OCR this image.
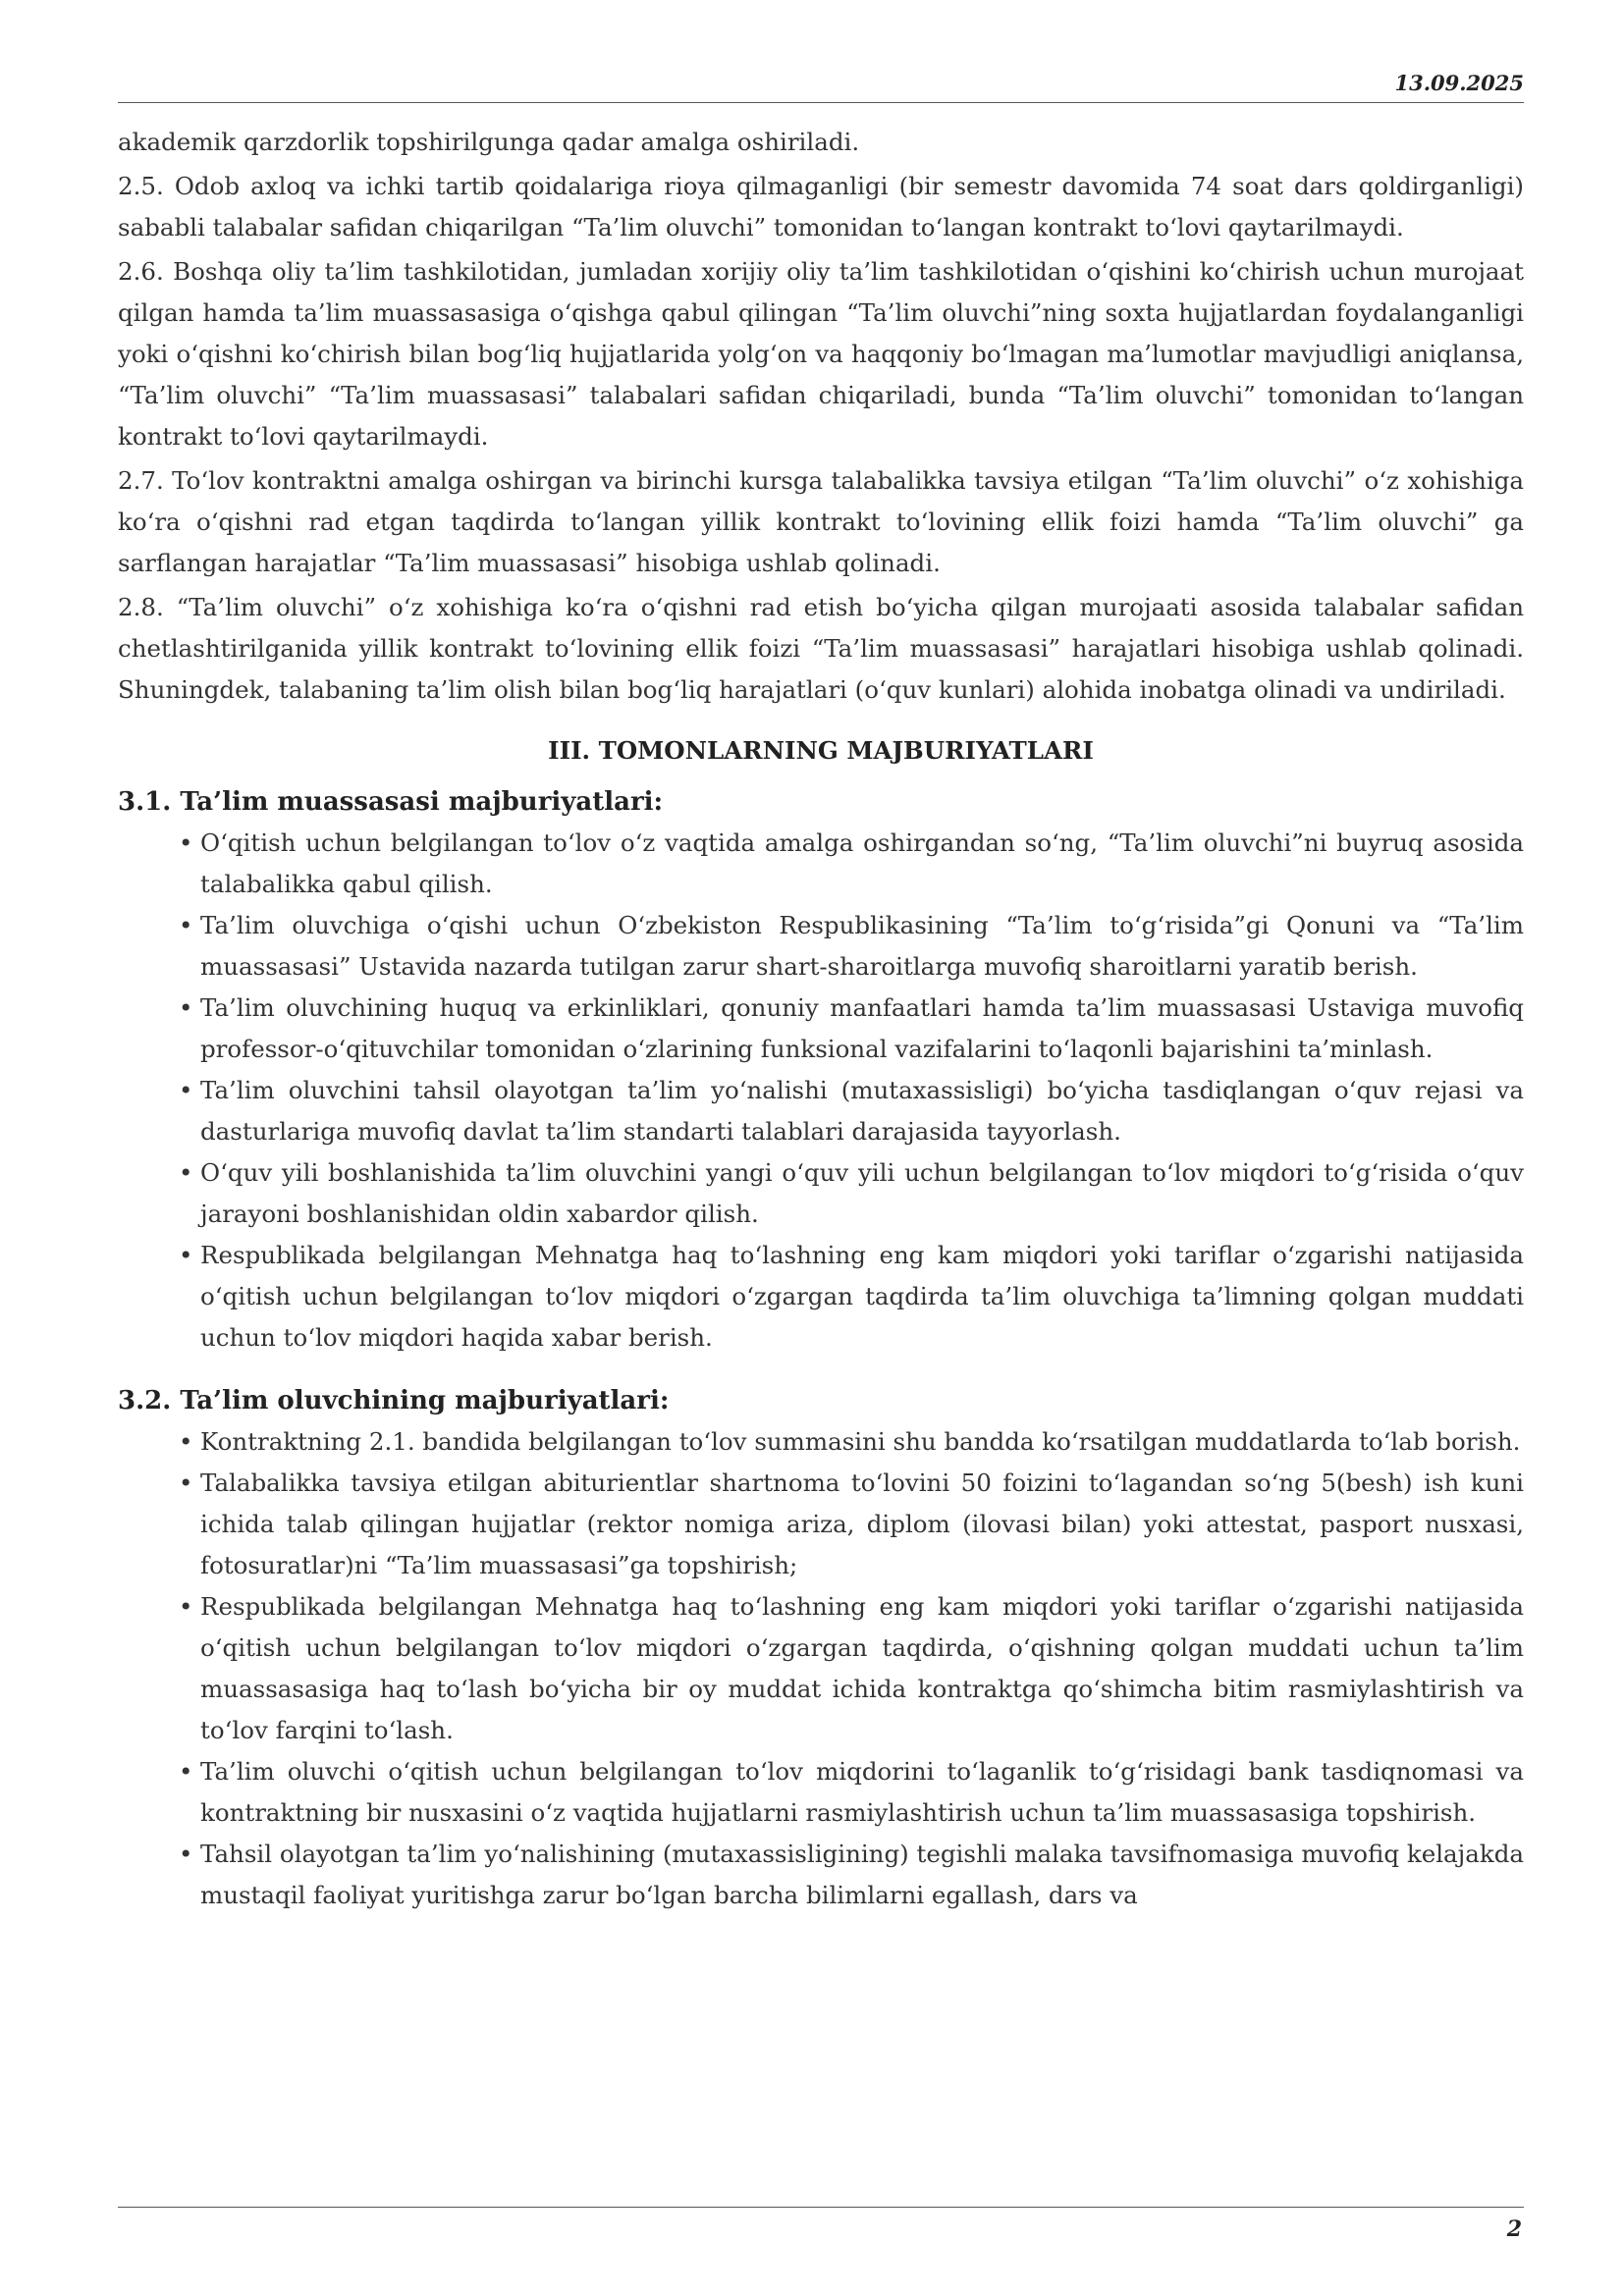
13.09.2025

akademik qarzdorlik topshirilgunga qadar amalga oshiriladi.

2.5. Odob axloq va ichki tartib qoidalariga rioya qilmaganligi (bir semestr davomida 74 soat dars qoldirganligi) sababli talabalar safidan chiqarilgan “Ta’lim oluvchi” tomonidan to‘langan kontrakt to‘lovi qaytarilmaydi.

2.6. Boshqa oliy ta’lim tashkilotidan, jumladan xorijiy oliy ta’lim tashkilotidan o‘qishini ko‘chirish uchun murojaat qilgan hamda ta’lim muassasasiga o‘qishga qabul qilingan “Ta’lim oluvchi”ning soxta hujjatlardan foydalanganligi yoki o‘qishni ko‘chirish bilan bog‘liq hujjatlarida yolg‘on va haqqoniy bo‘lmagan ma’lumotlar mavjudligi aniqlansa, “Ta’lim oluvchi” “Ta’lim muassasasi” talabalari safidan chiqariladi, bunda “Ta’lim oluvchi” tomonidan to‘langan kontrakt to‘lovi qaytarilmaydi.

2.7. To‘lov kontraktni amalga oshirgan va birinchi kursga talabalikka tavsiya etilgan “Ta’lim oluvchi” o‘z xohishiga ko‘ra o‘qishni rad etgan taqdirda to‘langan yillik kontrakt to‘lovining ellik foizi hamda “Ta’lim oluvchi” ga sarflangan harajatlar “Ta’lim muassasasi” hisobiga ushlab qolinadi.

2.8. “Ta’lim oluvchi” o‘z xohishiga ko‘ra o‘qishni rad etish bo‘yicha qilgan murojaati asosida talabalar safidan chetlashtirilganida yillik kontrakt to‘lovining ellik foizi “Ta’lim muassasasi” harajatlari hisobiga ushlab qolinadi. Shuningdek, talabaning ta’lim olish bilan bog‘liq harajatlari (o‘quv kunlari) alohida inobatga olinadi va undiriladi.

III. TOMONLARNING MAJBURIYATLARI
3.1. Ta’lim muassasasi majburiyatlari:
• O‘qitish uchun belgilangan to‘lov o‘z vaqtida amalga oshirgandan so‘ng, “Ta’lim oluvchi”ni buyruq asosida talabalikka qabul qilish.
• Ta’lim oluvchiga o‘qishi uchun O‘zbekiston Respublikasining “Ta’lim to‘g‘risida”gi Qonuni va “Ta’lim muassasasi” Ustavida nazarda tutilgan zarur shart-sharoitlarga muvofiq sharoitlarni yaratib berish.
• Ta’lim oluvchining huquq va erkinliklari, qonuniy manfaatlari hamda ta’lim muassasasi Ustaviga muvofiq professor-o‘qituvchilar tomonidan o‘zlarining funksional vazifalarini to‘laqonli bajarishini ta’minlash.
• Ta’lim oluvchini tahsil olayotgan ta’lim yo‘nalishi (mutaxassisligi) bo‘yicha tasdiqlangan o‘quv rejasi va dasturlariga muvofiq davlat ta’lim standarti talablari darajasida tayyorlash.
• O‘quv yili boshlanishida ta’lim oluvchini yangi o‘quv yili uchun belgilangan to‘lov miqdori to‘g‘risida o‘quv jarayoni boshlanishidan oldin xabardor qilish.
• Respublikada belgilangan Mehnatga haq to‘lashning eng kam miqdori yoki tariflar o‘zgarishi natijasida o‘qitish uchun belgilangan to‘lov miqdori o‘zgargan taqdirda ta’lim oluvchiga ta’limning qolgan muddati uchun to‘lov miqdori haqida xabar berish.
3.2. Ta’lim oluvchining majburiyatlari:
• Kontraktning 2.1. bandida belgilangan to‘lov summasini shu bandda ko‘rsatilgan muddatlarda to‘lab borish.
• Talabalikka tavsiya etilgan abiturientlar shartnoma to‘lovini 50 foizini to‘lagandan so‘ng 5(besh) ish kuni ichida talab qilingan hujjatlar (rektor nomiga ariza, diplom (ilovasi bilan) yoki attestat, pasport nusxasi, fotosuratlar)ni “Ta’lim muassasasi”ga topshirish;
• Respublikada belgilangan Mehnatga haq to‘lashning eng kam miqdori yoki tariflar o‘zgarishi natijasida o‘qitish uchun belgilangan to‘lov miqdori o‘zgargan taqdirda, o‘qishning qolgan muddati uchun ta’lim muassasasiga haq to‘lash bo‘yicha bir oy muddat ichida kontraktga qo‘shimcha bitim rasmiylashtirish va to‘lov farqini to‘lash.
• Ta’lim oluvchi o‘qitish uchun belgilangan to‘lov miqdorini to‘laganlik to‘g‘risidagi bank tasdiqnomasi va kontraktning bir nusxasini o‘z vaqtida hujjatlarni rasmiylashtirish uchun ta’lim muassasasiga topshirish.
• Tahsil olayotgan ta’lim yo‘nalishining (mutaxassisligining) tegishli malaka tavsifnomasiga muvofiq kelajakda mustaqil faoliyat yuritishga zarur bo‘lgan barcha bilimlarni egallash, dars va
2
